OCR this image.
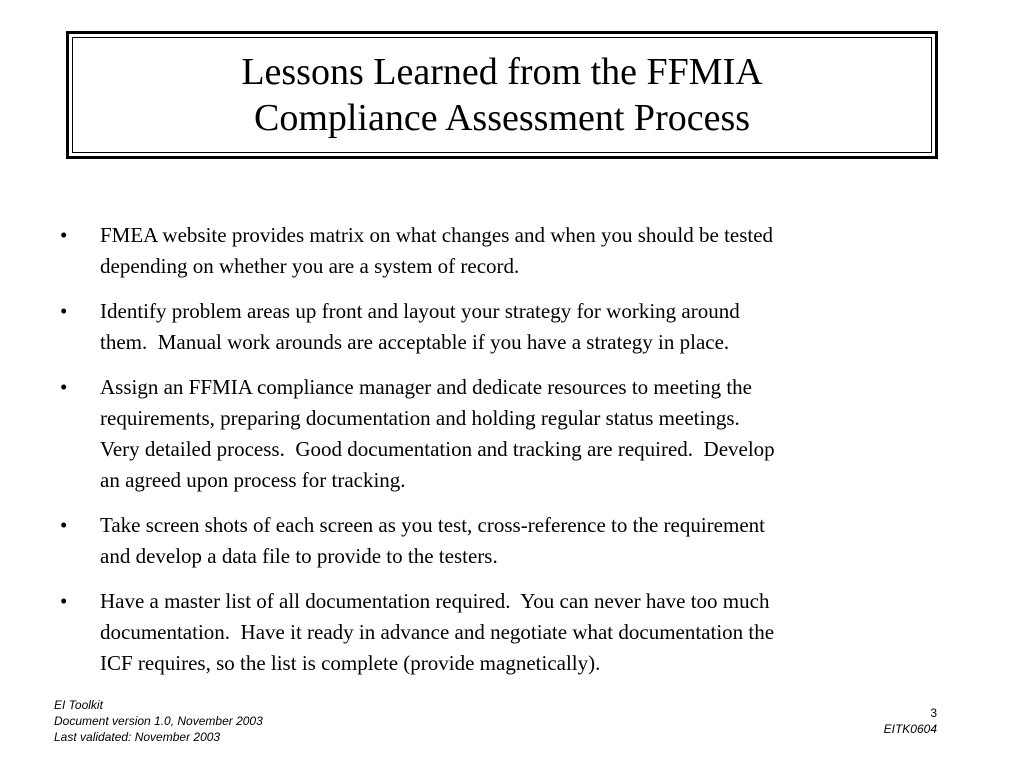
Lessons Learned from the FFMIA
Compliance Assessment Process
• FMEA website provides matrix on what changes and when you should be tested
depending on whether you are a system of record.
• Identify problem areas up front and layout your strategy for working around
them.  Manual work arounds are acceptable if you have a strategy in place.
• Assign an FFMIA compliance manager and dedicate resources to meeting the
requirements, preparing documentation and holding regular status meetings.
Very detailed process.  Good documentation and tracking are required.  Develop
an agreed upon process for tracking.
• Take screen shots of each screen as you test, cross-reference to the requirement
and develop a data file to provide to the testers.
• Have a master list of all documentation required.  You can never have too much
documentation.  Have it ready in advance and negotiate what documentation the
ICF requires, so the list is complete (provide magnetically).
EI Toolkit
Document version 1.0, November 2003
Last validated: November 2003
3
EITK0604
